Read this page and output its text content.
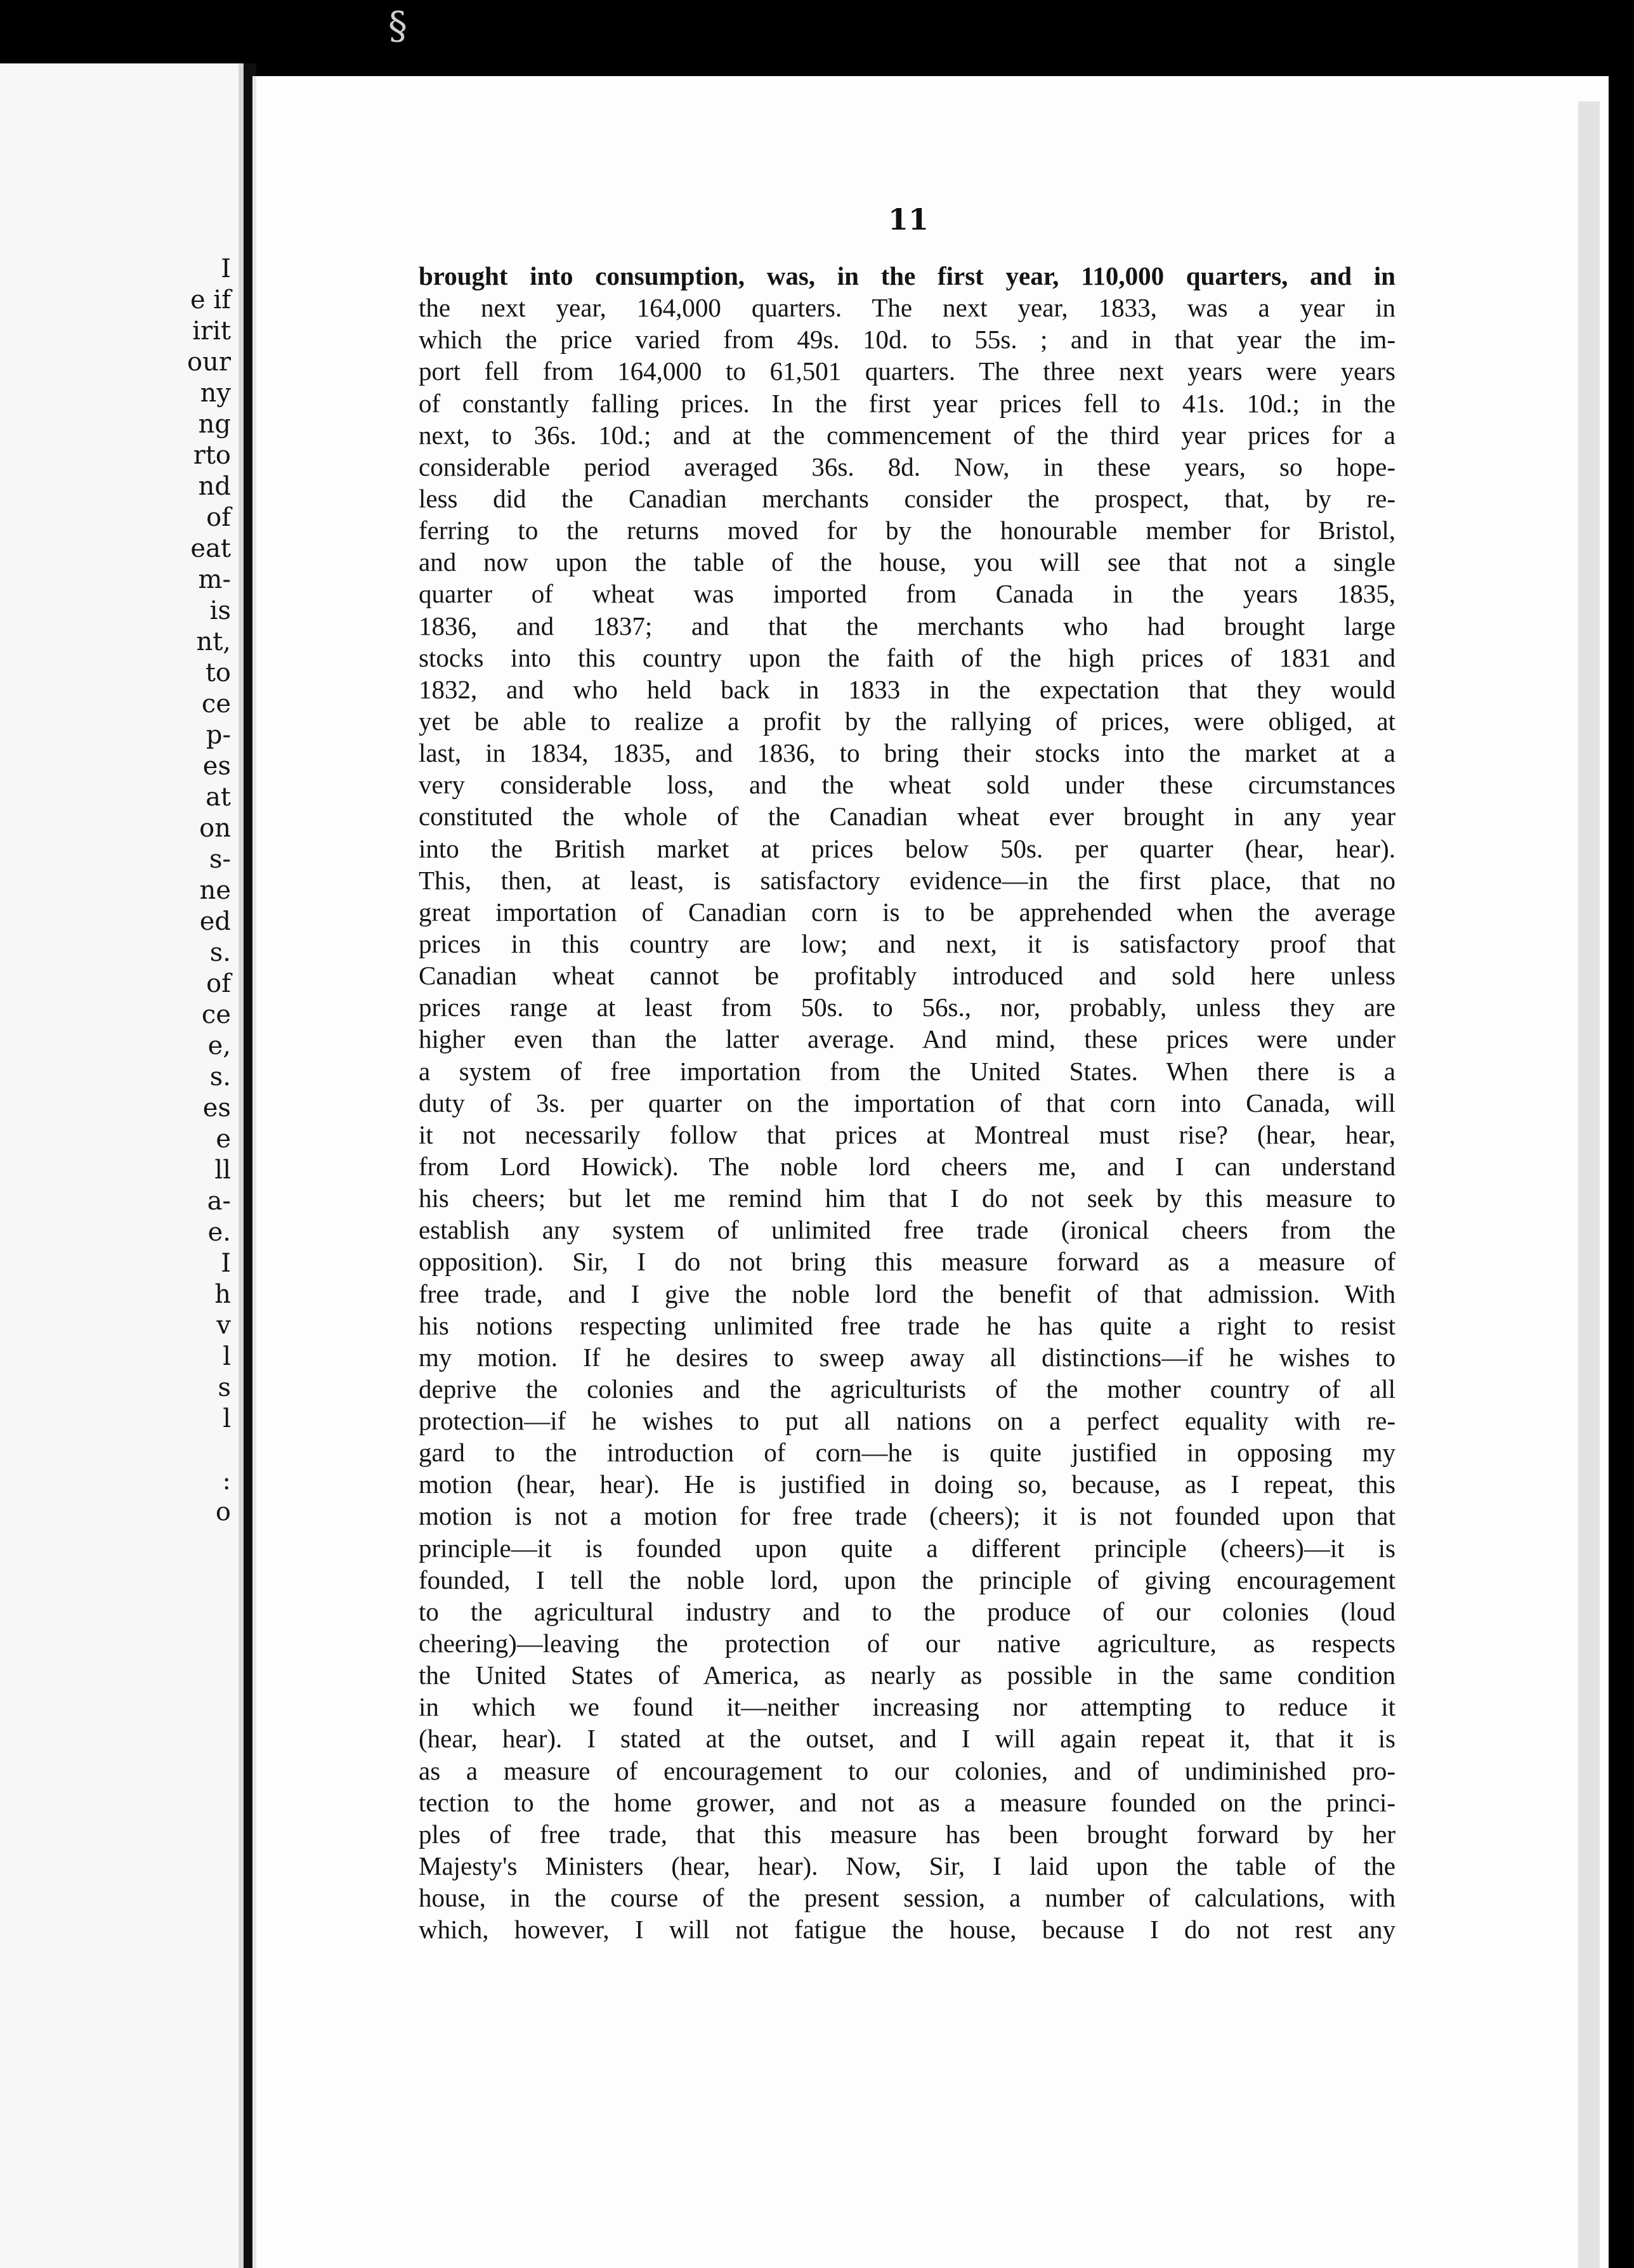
§
I
e if
irit
our
ny
ng
rto
nd
of
eat
m-
is
nt,
to
ce
p-
es
at
on
s-
ne
ed
s.
of
ce
e,
s.
es
e
ll
a-
e.
I
h
v
l
s
l
:
o
11
brought into consumption, was, in the first year, 110,000 quarters, and in
the next year, 164,000 quarters. The next year, 1833, was a year in
which the price varied from 49s. 10d. to 55s. ; and in that year the im-
port fell from 164,000 to 61,501 quarters. The three next years were years
of constantly falling prices. In the first year prices fell to 41s. 10d.; in the
next, to 36s. 10d.; and at the commencement of the third year prices for a
considerable period averaged 36s. 8d. Now, in these years, so hope-
less did the Canadian merchants consider the prospect, that, by re-
ferring to the returns moved for by the honourable member for Bristol,
and now upon the table of the house, you will see that not a single
quarter of wheat was imported from Canada in the years 1835,
1836, and 1837; and that the merchants who had brought large
stocks into this country upon the faith of the high prices of 1831 and
1832, and who held back in 1833 in the expectation that they would
yet be able to realize a profit by the rallying of prices, were obliged, at
last, in 1834, 1835, and 1836, to bring their stocks into the market at a
very considerable loss, and the wheat sold under these circumstances
constituted the whole of the Canadian wheat ever brought in any year
into the British market at prices below 50s. per quarter (hear, hear).
This, then, at least, is satisfactory evidence—in the first place, that no
great importation of Canadian corn is to be apprehended when the average
prices in this country are low; and next, it is satisfactory proof that
Canadian wheat cannot be profitably introduced and sold here unless
prices range at least from 50s. to 56s., nor, probably, unless they are
higher even than the latter average. And mind, these prices were under
a system of free importation from the United States. When there is a
duty of 3s. per quarter on the importation of that corn into Canada, will
it not necessarily follow that prices at Montreal must rise? (hear, hear,
from Lord Howick). The noble lord cheers me, and I can understand
his cheers; but let me remind him that I do not seek by this measure to
establish any system of unlimited free trade (ironical cheers from the
opposition). Sir, I do not bring this measure forward as a measure of
free trade, and I give the noble lord the benefit of that admission. With
his notions respecting unlimited free trade he has quite a right to resist
my motion. If he desires to sweep away all distinctions—if he wishes to
deprive the colonies and the agriculturists of the mother country of all
protection—if he wishes to put all nations on a perfect equality with re-
gard to the introduction of corn—he is quite justified in opposing my
motion (hear, hear). He is justified in doing so, because, as I repeat, this
motion is not a motion for free trade (cheers); it is not founded upon that
principle—it is founded upon quite a different principle (cheers)—it is
founded, I tell the noble lord, upon the principle of giving encouragement
to the agricultural industry and to the produce of our colonies (loud
cheering)—leaving the protection of our native agriculture, as respects
the United States of America, as nearly as possible in the same condition
in which we found it—neither increasing nor attempting to reduce it
(hear, hear). I stated at the outset, and I will again repeat it, that it is
as a measure of encouragement to our colonies, and of undiminished pro-
tection to the home grower, and not as a measure founded on the princi-
ples of free trade, that this measure has been brought forward by her
Majesty's Ministers (hear, hear). Now, Sir, I laid upon the table of the
house, in the course of the present session, a number of calculations, with
which, however, I will not fatigue the house, because I do not rest any
